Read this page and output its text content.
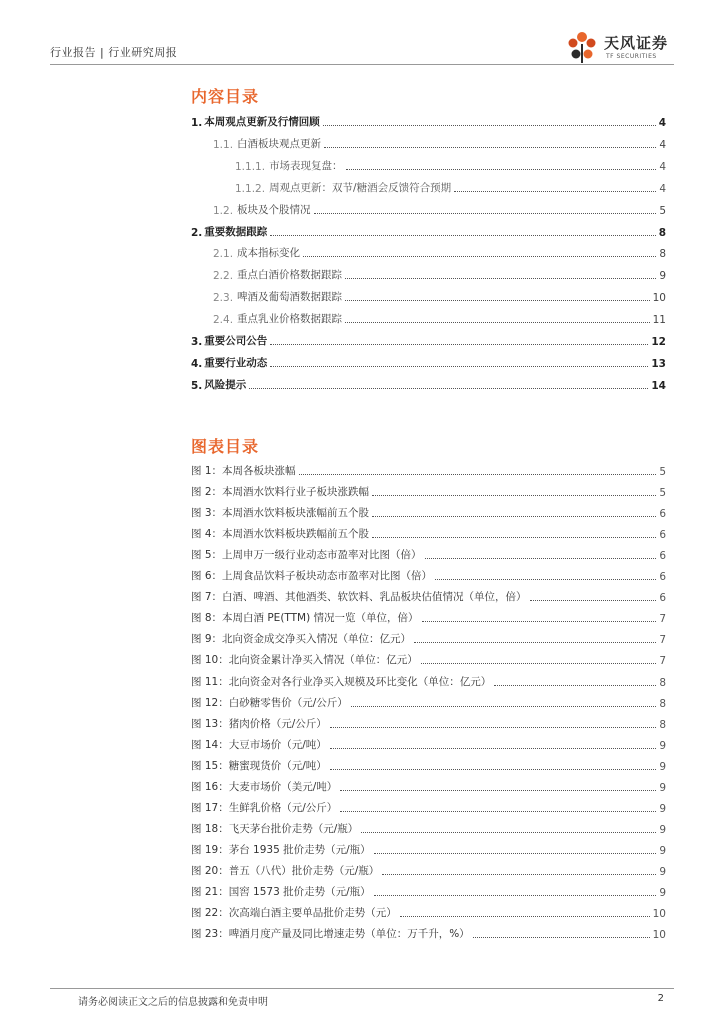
行业报告 | 行业研究周报
天风证券
TF SECURITIES
内容目录
1. 本周观点更新及行情回顾	4
1.1. 白酒板块观点更新	4
1.1.1. 市场表现复盘：	4
1.1.2. 周观点更新：双节/糖酒会反馈符合预期	4
1.2. 板块及个股情况	5
2. 重要数据跟踪	8
2.1. 成本指标变化	8
2.2. 重点白酒价格数据跟踪	9
2.3. 啤酒及葡萄酒数据跟踪	10
2.4. 重点乳业价格数据跟踪	11
3. 重要公司公告	12
4. 重要行业动态	13
5. 风险提示	14
图表目录
图 1：本周各板块涨幅	5
图 2：本周酒水饮料行业子板块涨跌幅	5
图 3：本周酒水饮料板块涨幅前五个股	6
图 4：本周酒水饮料板块跌幅前五个股	6
图 5：上周申万一级行业动态市盈率对比图（倍）	6
图 6：上周食品饮料子板块动态市盈率对比图（倍）	6
图 7：白酒、啤酒、其他酒类、软饮料、乳品板块估值情况（单位，倍）	6
图 8：本周白酒 PE(TTM) 情况一览（单位，倍）	7
图 9：北向资金成交净买入情况（单位：亿元）	7
图 10：北向资金累计净买入情况（单位：亿元）	7
图 11：北向资金对各行业净买入规模及环比变化（单位：亿元）	8
图 12：白砂糖零售价（元/公斤）	8
图 13：猪肉价格（元/公斤）	8
图 14：大豆市场价（元/吨）	9
图 15：糖蜜现货价（元/吨）	9
图 16：大麦市场价（美元/吨）	9
图 17：生鲜乳价格（元/公斤）	9
图 18：飞天茅台批价走势（元/瓶）	9
图 19：茅台 1935 批价走势（元/瓶）	9
图 20：普五（八代）批价走势（元/瓶）	9
图 21：国窖 1573 批价走势（元/瓶）	9
图 22：次高端白酒主要单品批价走势（元）	10
图 23：啤酒月度产量及同比增速走势（单位：万千升，%）	10
请务必阅读正文之后的信息披露和免责申明	2
